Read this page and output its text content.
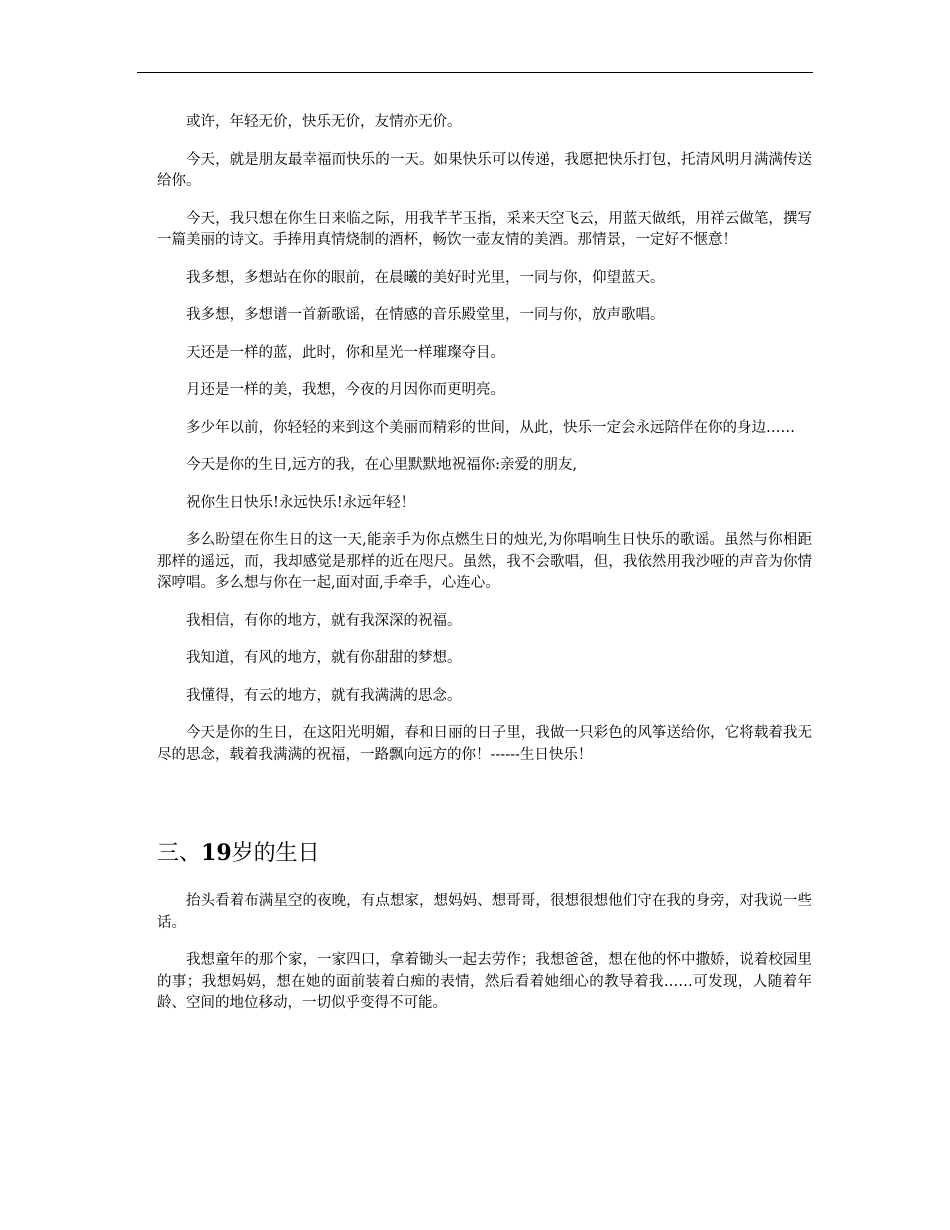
或许，年轻无价，快乐无价，友情亦无价。

今天，就是朋友最幸福而快乐的一天。如果快乐可以传递，我愿把快乐打包，托清风明月满满传送给你。

今天，我只想在你生日来临之际，用我芊芊玉指，采来天空飞云，用蓝天做纸，用祥云做笔，撰写一篇美丽的诗文。手捧用真情烧制的酒杯，畅饮一壶友情的美酒。那情景，一定好不惬意！

我多想，多想站在你的眼前，在晨曦的美好时光里，一同与你，仰望蓝天。

我多想，多想谱一首新歌谣，在情感的音乐殿堂里，一同与你，放声歌唱。

天还是一样的蓝，此时，你和星光一样璀璨夺目。

月还是一样的美，我想，今夜的月因你而更明亮。

多少年以前，你轻轻的来到这个美丽而精彩的世间，从此，快乐一定会永远陪伴在你的身边……

今天是你的生日,远方的我，在心里默默地祝福你:亲爱的朋友,

祝你生日快乐!永远快乐!永远年轻！

多么盼望在你生日的这一天,能亲手为你点燃生日的烛光,为你唱响生日快乐的歌谣。虽然与你相距那样的遥远，而，我却感觉是那样的近在咫尺。虽然，我不会歌唱，但，我依然用我沙哑的声音为你情深哼唱。多么想与你在一起,面对面,手牵手，心连心。

我相信，有你的地方，就有我深深的祝福。

我知道，有风的地方，就有你甜甜的梦想。

我懂得，有云的地方，就有我满满的思念。

今天是你的生日，在这阳光明媚，春和日丽的日子里，我做一只彩色的风筝送给你，它将载着我无尽的思念，载着我满满的祝福，一路飘向远方的你！------生日快乐！

三、19岁的生日

抬头看着布满星空的夜晚，有点想家，想妈妈、想哥哥，很想很想他们守在我的身旁，对我说一些话。

我想童年的那个家，一家四口，拿着锄头一起去劳作；我想爸爸，想在他的怀中撒娇，说着校园里的事；我想妈妈，想在她的面前装着白痴的表情，然后看着她细心的教导着我……可发现，人随着年龄、空间的地位移动，一切似乎变得不可能。
